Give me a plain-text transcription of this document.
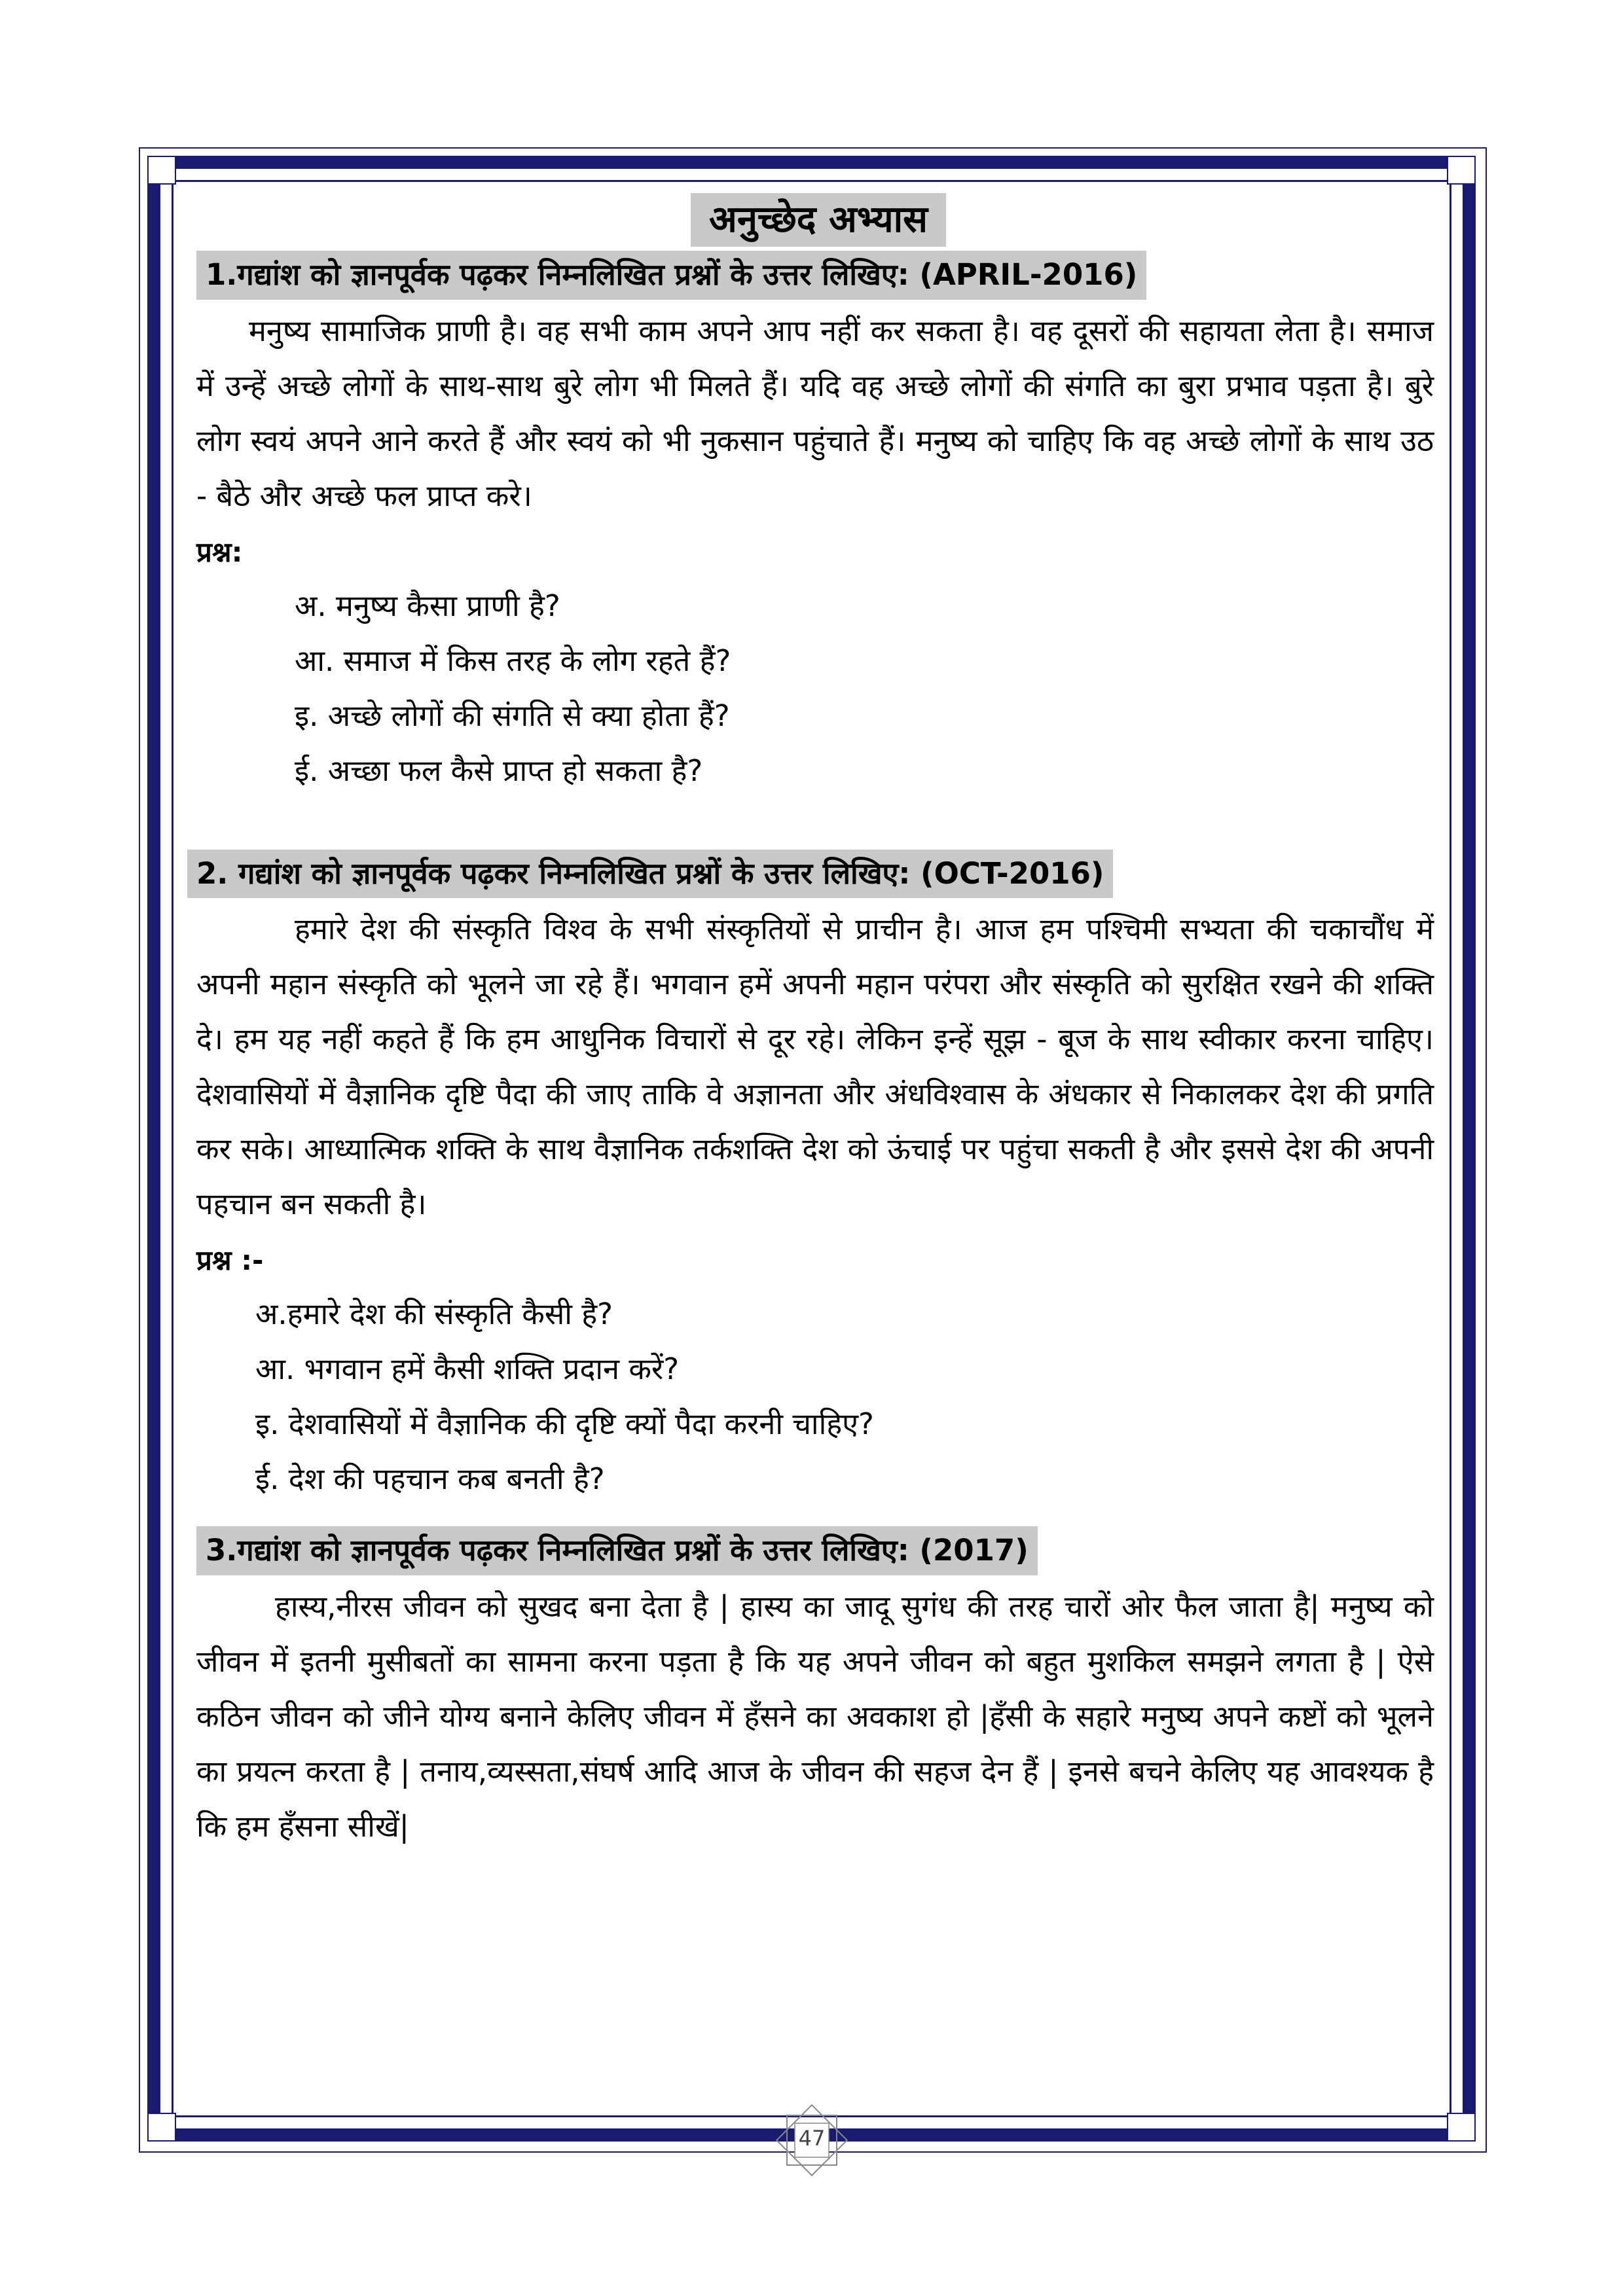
अनुच्छेद अभ्यास
1.गद्यांश को ज्ञानपूर्वक पढ़कर निम्नलिखित प्रश्नों के उत्तर लिखिए: (APRIL-2016)

मनुष्य सामाजिक प्राणी है। वह सभी काम अपने आप नहीं कर सकता है। वह दूसरों की सहायता लेता है। समाज में उन्हें अच्छे लोगों के साथ-साथ बुरे लोग भी मिलते हैं। यदि वह अच्छे लोगों की संगति का बुरा प्रभाव पड़ता है। बुरे लोग स्वयं अपने आने करते हैं और स्वयं को भी नुकसान पहुंचाते हैं। मनुष्य को चाहिए कि वह अच्छे लोगों के साथ उठ - बैठे और अच्छे फल प्राप्त करे।

प्रश्न:
अ. मनुष्य कैसा प्राणी है?
आ. समाज में किस तरह के लोग रहते हैं?
इ. अच्छे लोगों की संगति से क्या होता हैं?
ई. अच्छा फल कैसे प्राप्त हो सकता है?
2. गद्यांश को ज्ञानपूर्वक पढ़कर निम्नलिखित प्रश्नों के उत्तर लिखिए: (OCT-2016)

हमारे देश की संस्कृति विश्व के सभी संस्कृतियों से प्राचीन है। आज हम पश्चिमी सभ्यता की चकाचौंध में अपनी महान संस्कृति को भूलने जा रहे हैं। भगवान हमें अपनी महान परंपरा और संस्कृति को सुरक्षित रखने की शक्ति दे। हम यह नहीं कहते हैं कि हम आधुनिक विचारों से दूर रहे। लेकिन इन्हें सूझ - बूज के साथ स्वीकार करना चाहिए। देशवासियों में वैज्ञानिक दृष्टि पैदा की जाए ताकि वे अज्ञानता और अंधविश्वास के अंधकार से निकालकर देश की प्रगति कर सके। आध्यात्मिक शक्ति के साथ वैज्ञानिक तर्कशक्ति देश को ऊंचाई पर पहुंचा सकती है और इससे देश की अपनी पहचान बन सकती है।

प्रश्न :-
अ.हमारे देश की संस्कृति कैसी है?
आ. भगवान हमें कैसी शक्ति प्रदान करें?
इ. देशवासियों में वैज्ञानिक की दृष्टि क्यों पैदा करनी चाहिए?
ई. देश की पहचान कब बनती है?
3.गद्यांश को ज्ञानपूर्वक पढ़कर निम्नलिखित प्रश्नों के उत्तर लिखिए: (2017)

हास्य,नीरस जीवन को सुखद बना देता है | हास्य का जादू सुगंध की तरह चारों ओर फैल जाता है| मनुष्य को जीवन में इतनी मुसीबतों का सामना करना पड़ता है कि यह अपने जीवन को बहुत मुशकिल समझने लगता है | ऐसे कठिन जीवन को जीने योग्य बनाने केलिए जीवन में हँसने का अवकाश हो |हँसी के सहारे मनुष्य अपने कष्टों को भूलने का प्रयत्न करता है | तनाय,व्यस्सता,संघर्ष आदि आज के जीवन की सहज देन हैं | इनसे बचने केलिए यह आवश्यक है कि हम हँसना सीखें|

47
